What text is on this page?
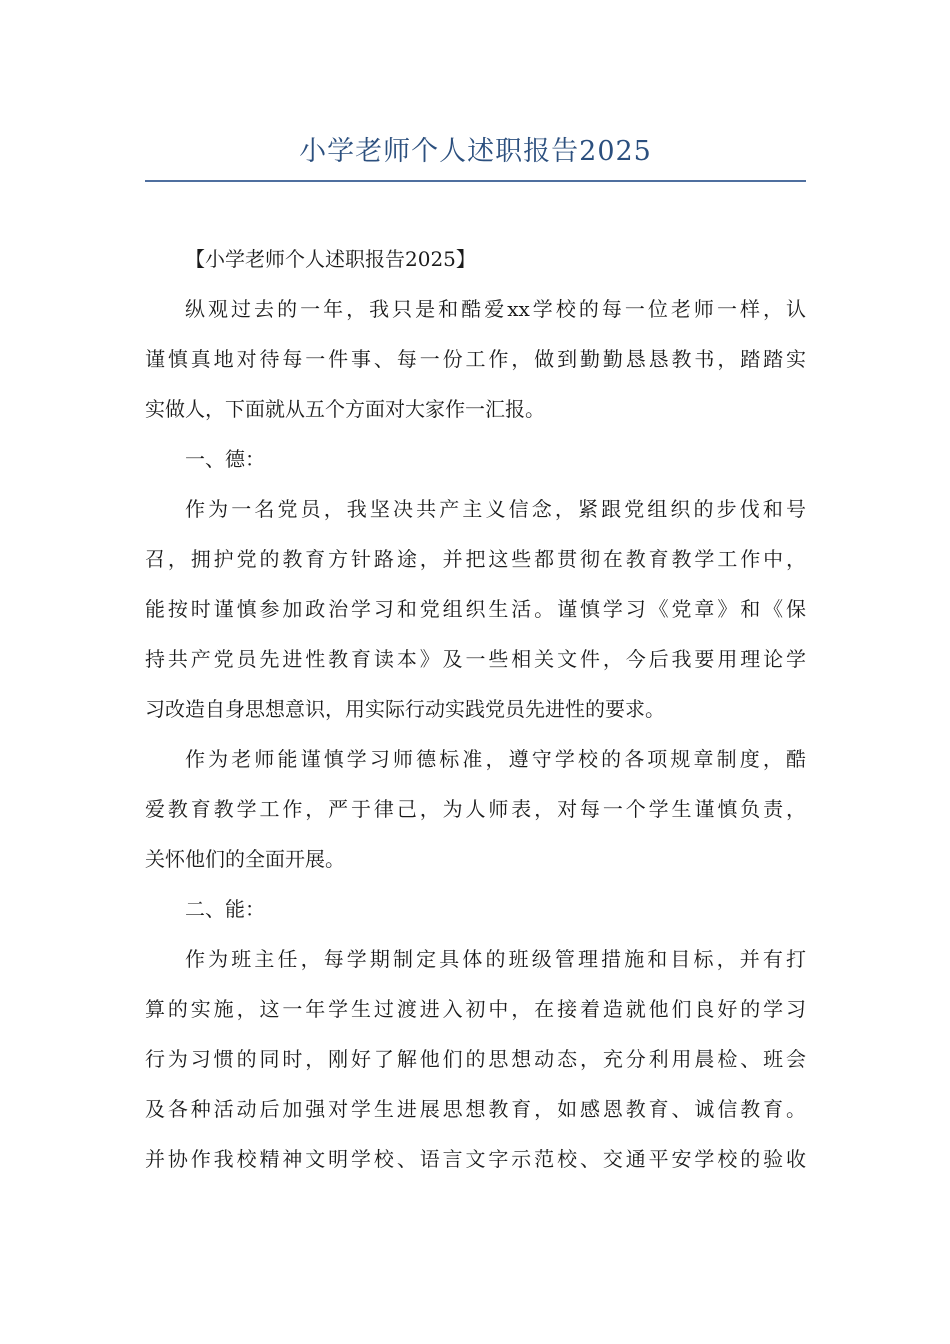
小学老师个人述职报告2025

【小学老师个人述职报告2025】

纵观过去的一年，我只是和酷爱xx学校的每一位老师一样，认
谨慎真地对待每一件事、每一份工作，做到勤勤恳恳教书，踏踏实
实做人，下面就从五个方面对大家作一汇报。

一、德：

作为一名党员，我坚决共产主义信念，紧跟党组织的步伐和号
召，拥护党的教育方针路途，并把这些都贯彻在教育教学工作中，
能按时谨慎参加政治学习和党组织生活。谨慎学习《党章》和《保
持共产党员先进性教育读本》及一些相关文件，今后我要用理论学
习改造自身思想意识，用实际行动实践党员先进性的要求。

作为老师能谨慎学习师德标准，遵守学校的各项规章制度，酷
爱教育教学工作，严于律己，为人师表，对每一个学生谨慎负责，
关怀他们的全面开展。

二、能：

作为班主任，每学期制定具体的班级管理措施和目标，并有打
算的实施，这一年学生过渡进入初中，在接着造就他们良好的学习
行为习惯的同时，刚好了解他们的思想动态，充分利用晨检、班会
及各种活动后加强对学生进展思想教育，如感恩教育、诚信教育。
并协作我校精神文明学校、语言文字示范校、交通平安学校的验收
